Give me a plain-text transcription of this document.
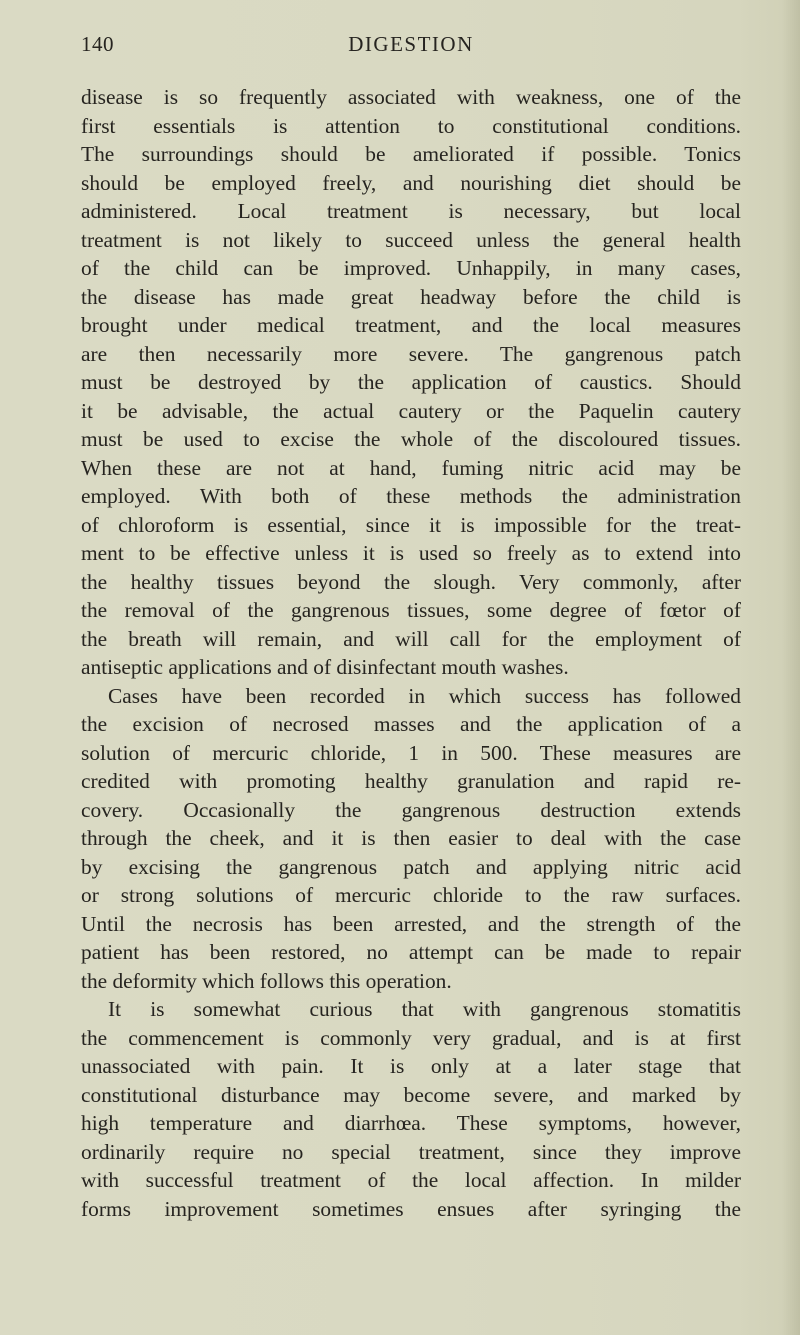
140	DIGESTION
disease is so frequently associated with weakness, one of the
first essentials is attention to constitutional conditions.
The surroundings should be ameliorated if possible. Tonics
should be employed freely, and nourishing diet should be
administered. Local treatment is necessary, but local
treatment is not likely to succeed unless the general health
of the child can be improved. Unhappily, in many cases,
the disease has made great headway before the child is
brought under medical treatment, and the local measures
are then necessarily more severe. The gangrenous patch
must be destroyed by the application of caustics. Should
it be advisable, the actual cautery or the Paquelin cautery
must be used to excise the whole of the discoloured tissues.
When these are not at hand, fuming nitric acid may be
employed. With both of these methods the administration
of chloroform is essential, since it is impossible for the treat-
ment to be effective unless it is used so freely as to extend into
the healthy tissues beyond the slough. Very commonly, after
the removal of the gangrenous tissues, some degree of fœtor of
the breath will remain, and will call for the employment of
antiseptic applications and of disinfectant mouth washes.
Cases have been recorded in which success has followed
the excision of necrosed masses and the application of a
solution of mercuric chloride, 1 in 500. These measures are
credited with promoting healthy granulation and rapid re-
covery. Occasionally the gangrenous destruction extends
through the cheek, and it is then easier to deal with the case
by excising the gangrenous patch and applying nitric acid
or strong solutions of mercuric chloride to the raw surfaces.
Until the necrosis has been arrested, and the strength of the
patient has been restored, no attempt can be made to repair
the deformity which follows this operation.
It is somewhat curious that with gangrenous stomatitis
the commencement is commonly very gradual, and is at first
unassociated with pain. It is only at a later stage that
constitutional disturbance may become severe, and marked by
high temperature and diarrhœa. These symptoms, however,
ordinarily require no special treatment, since they improve
with successful treatment of the local affection. In milder
forms improvement sometimes ensues after syringing the
